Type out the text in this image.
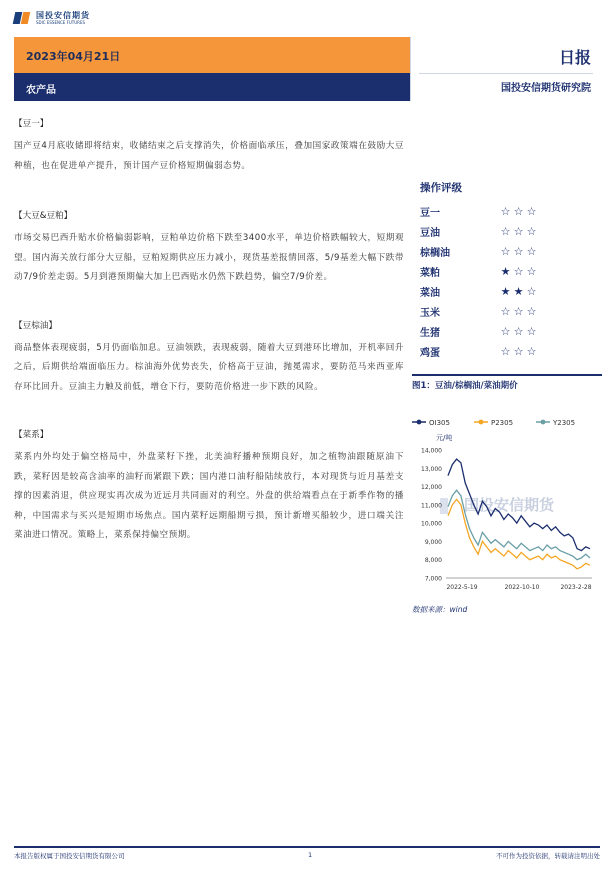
国投安信期货
SDIC ESSENCE FUTURES
2023年04月21日
农产品
日报
国投安信期货研究院
【豆一】
国产豆4月底收储即将结束，收储结束之后支撑消失，价格面临承压，叠加国家政策端在鼓励大豆种植，也在促进单产提升，预计国产豆价格短期偏弱态势。
【大豆&豆粕】
市场交易巴西升贴水价格偏弱影响，豆粕单边价格下跌至3400水平，单边价格跌幅较大，短期观望。国内海关放行部分大豆船，豆粕短期供应压力减小，现货基差报情回落，5/9基差大幅下跌带动7/9价差走弱。5月到港预期偏大加上巴西贴水仍然下跌趋势，偏空7/9价差。
【豆棕油】
商品整体表现疲弱，5月仍面临加息。豆油领跌，表现疲弱，随着大豆到港环比增加，开机率回升之后，后期供给端面临压力。棕油海外优势丧失，价格高于豆油，抛冕需求，要防范马来西亚库存环比回升。豆油主力触及前低，增仓下行，要防范价格进一步下跌的风险。
【菜系】
菜系内外均处于偏空格局中，外盘菜籽下挫，北美油籽播种预期良好，加之植物油跟随原油下跌，菜籽因是较高含油率的油籽而紧跟下跌；国内港口油籽船陆续放行，本对现货与近月基差支撑的因素消退，供应现实再次成为近远月共同面对的利空。外盘的供给端看点在于新季作物的播种，中国需求与买兴是短期市场焦点。国内菜籽远期船期亏损，预计新增买船较少，进口端关注菜油进口情况。策略上，菜系保持偏空预期。
操作评级
豆一	☆ ☆ ☆
豆油	☆ ☆ ☆
棕榈油	☆ ☆ ☆
菜粕	★ ☆ ☆
菜油	★ ★ ☆
玉米	☆ ☆ ☆
生猪	☆ ☆ ☆
鸡蛋	☆ ☆ ☆
图1：豆油/棕榈油/菜油期价
国投安信期货
OI305	P2305	Y2305
元/吨
14,000
13,000
12,000
11,000
10,000
9,000
8,000
7,000
2022-5-19	2022-10-10	2023-2-28
数据来源：wind
本报告版权属于国投安信期货有限公司	1	不可作为投资依据，转载请注明出处
